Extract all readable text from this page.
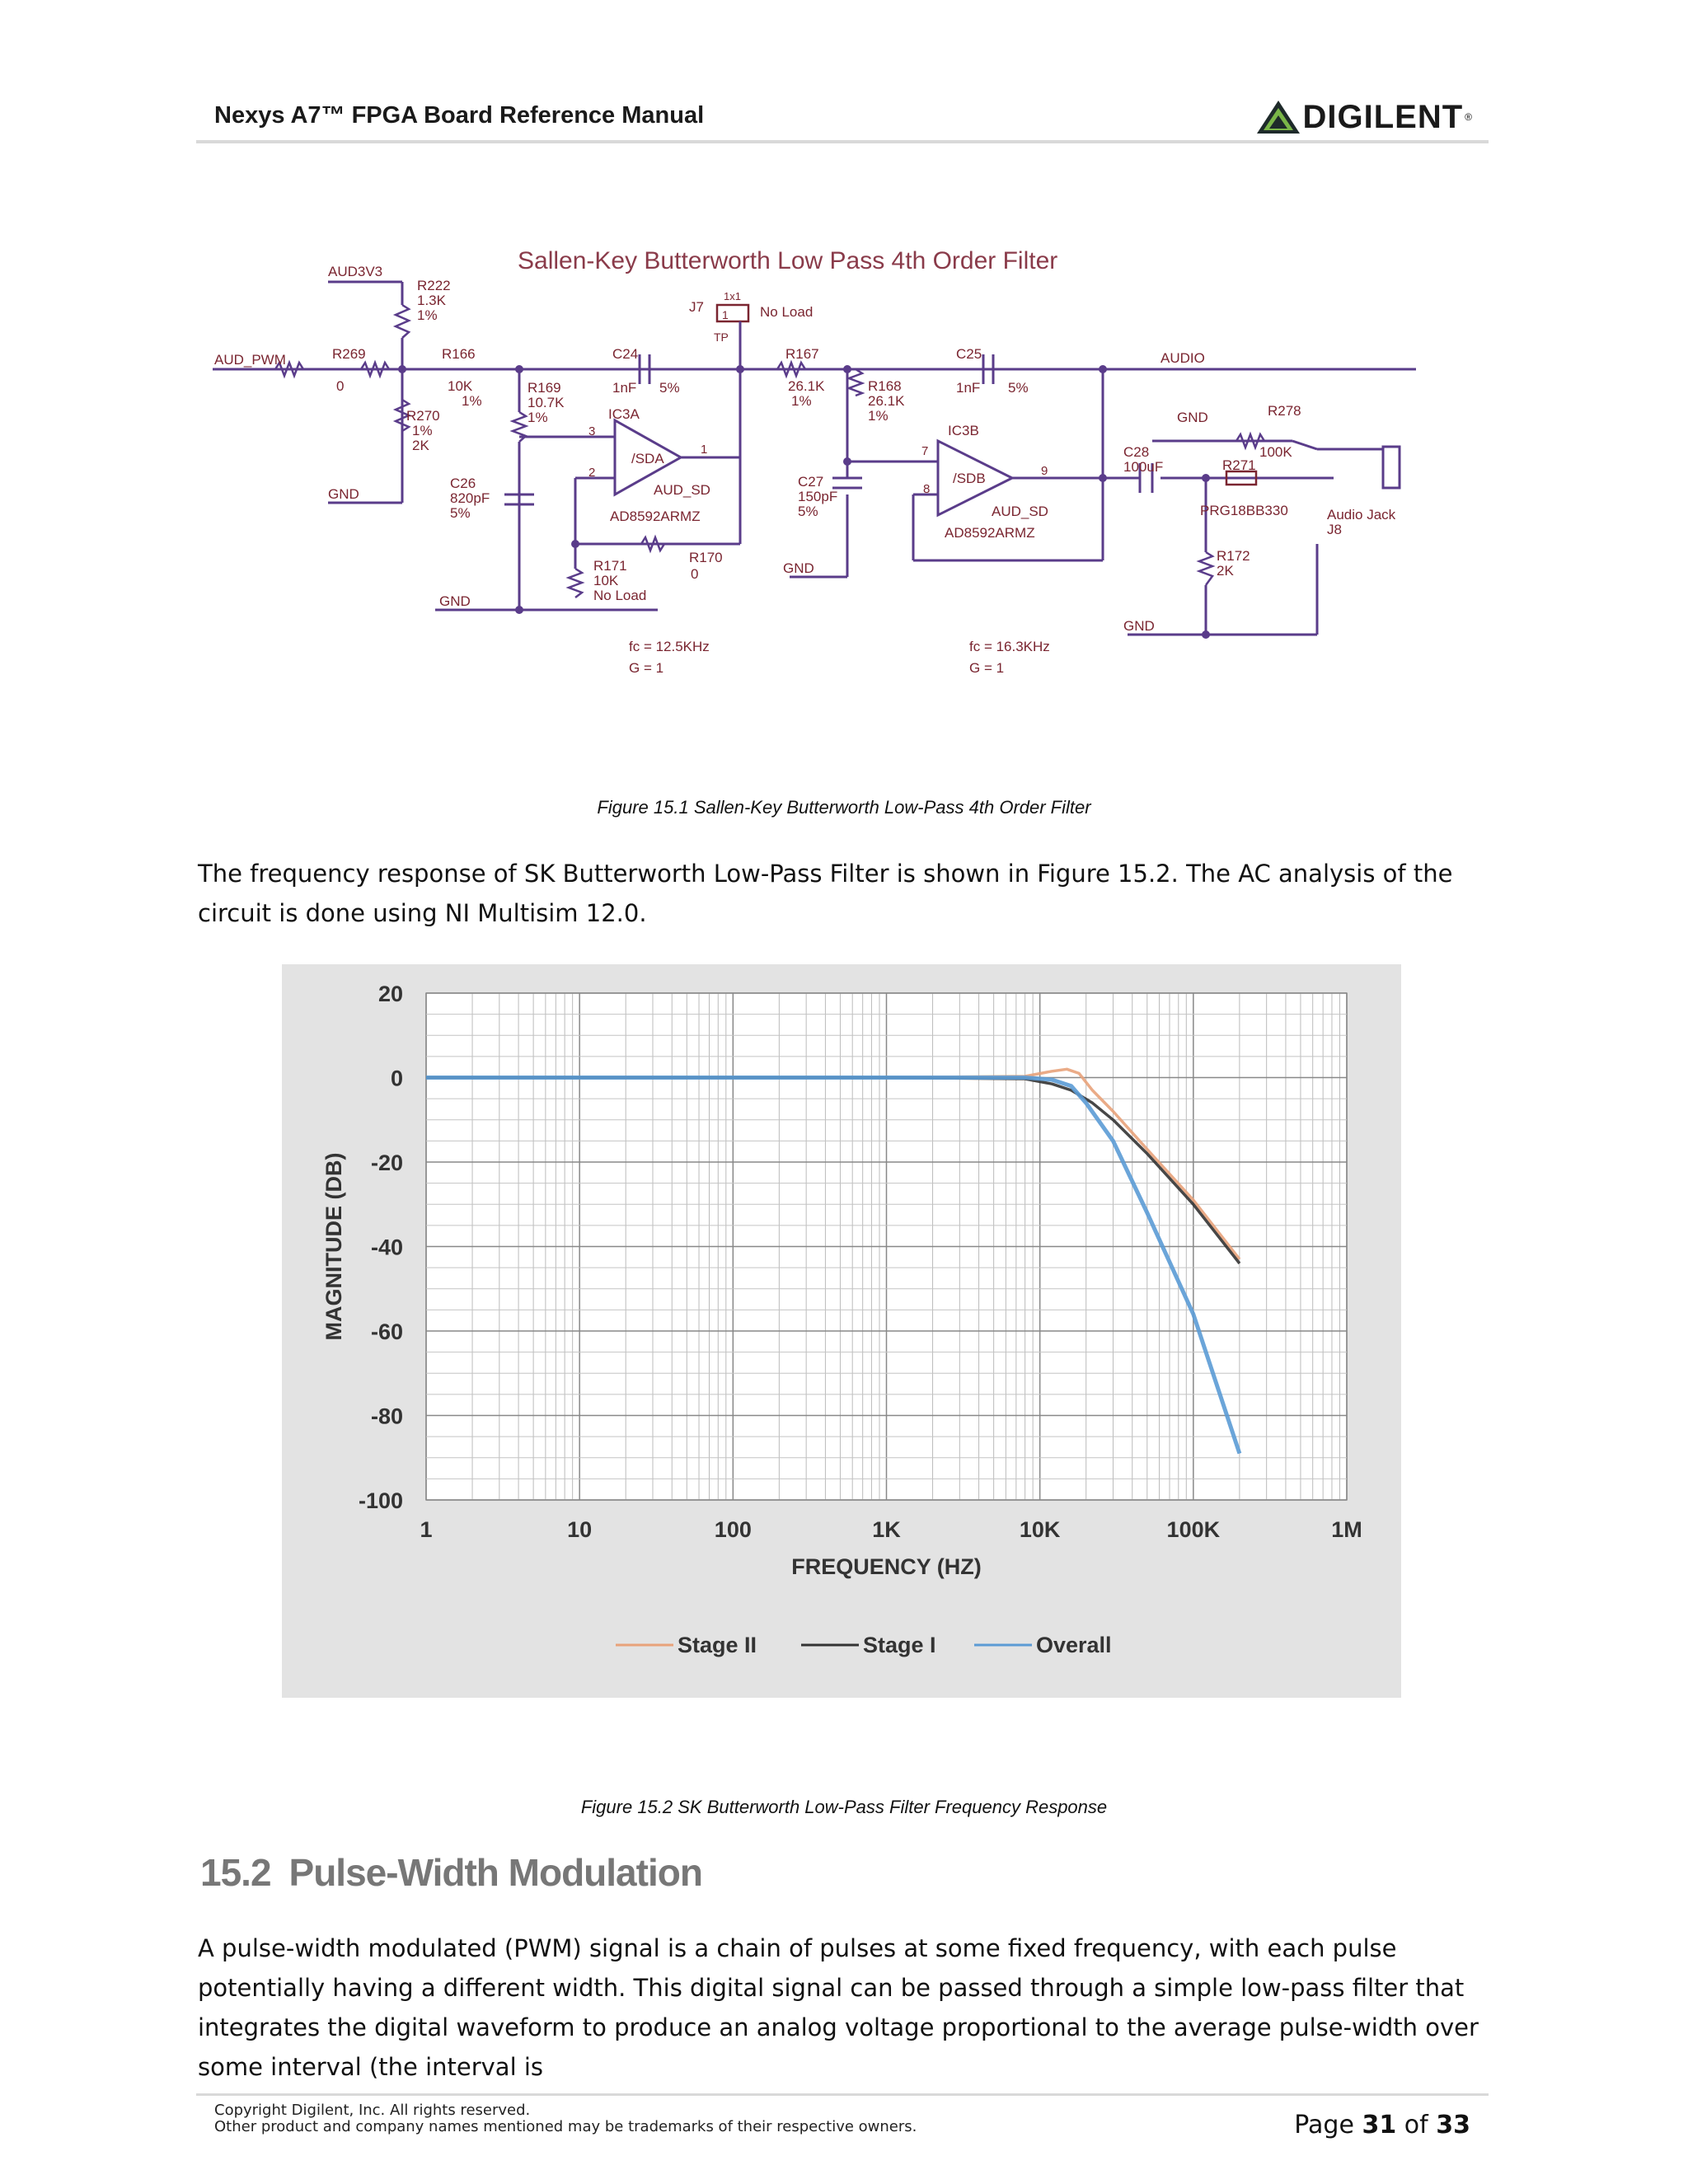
Nexys A7™ FPGA Board Reference Manual	DIGILENT ®
Sallen-Key Butterworth Low Pass 4th Order Filter
AUD3V3
R222
1.3K
1%
AUD_PWM	R269
0
R166
10K
1%
R270
1%
2K
GND
R169
10.7K
1%
C24
1nF 5%
IC3A
C26
820pF
5%
/SDA
AUD_SD
AD8592ARMZ
R170
0
R171
10K
No Load
GND
J7
1x1
1 No Load
TP
R167
26.1K
1%
R168
26.1K
1%
C25
1nF 5%
IC3B
/SDB
C27
150pF
5%	AUD_SD
AD8592ARMZ
GND
AUDIO
R278
100K
GND
C28
100uF	R271
PRG18BB330	Audio Jack
J8
R172
2K
GND
fc = 12.5KHz
G = 1
fc = 16.3KHz
G = 1
3
2
1	7
8
9
Figure 15.1 Sallen-Key Butterworth Low-Pass 4th Order Filter
The frequency response of SK Butterworth Low-Pass Filter is shown in Figure 15.2. The AC analysis of the circuit is done using NI Multisim 12.0.
20
0
-20
-40
-60
-80
-100
1	10	100	1K	10K	100K	1M
FREQUENCY (HZ)
MAGNITUDE (DB)
Stage II	Stage I	Overall
Figure 15.2 SK Butterworth Low-Pass Filter Frequency Response
15.2 Pulse-Width Modulation
A pulse-width modulated (PWM) signal is a chain of pulses at some fixed frequency, with each pulse potentially having a different width. This digital signal can be passed through a simple low-pass filter that integrates the digital waveform to produce an analog voltage proportional to the average pulse-width over some interval (the interval is
Copyright Digilent, Inc. All rights reserved.
Other product and company names mentioned may be trademarks of their respective owners.	Page 31 of 33
